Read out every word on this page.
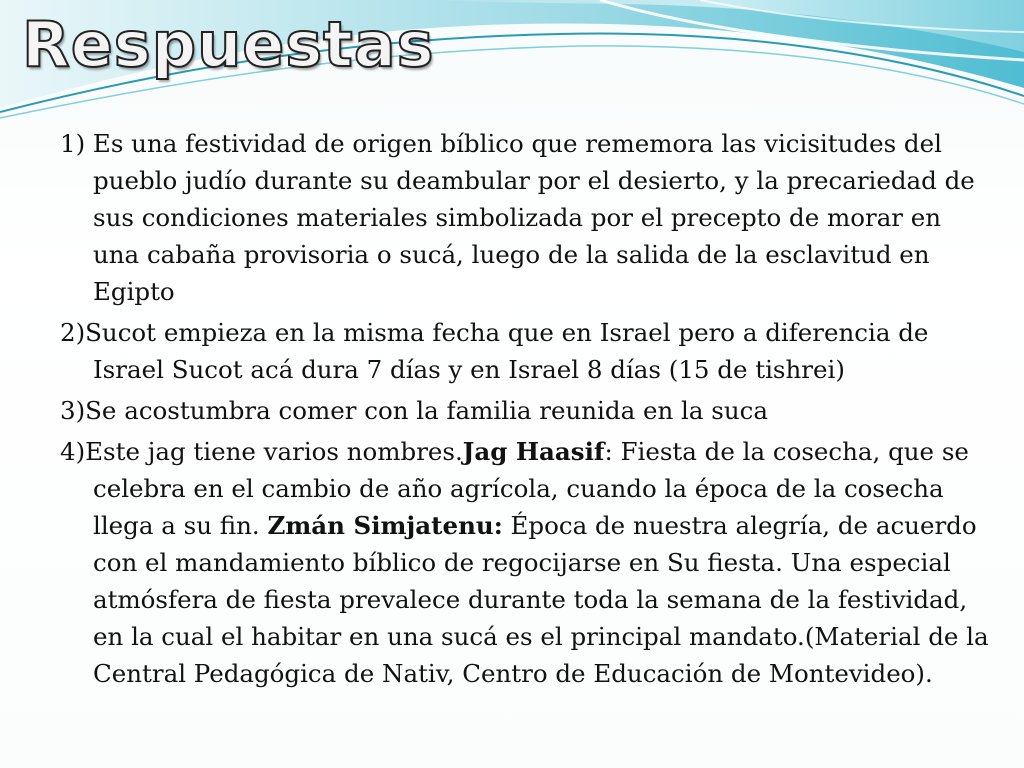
Respuestas

1) Es una festividad de origen bíblico que rememora las vicisitudes del pueblo judío durante su deambular por el desierto, y la precariedad de sus condiciones materiales simbolizada por el precepto de morar en una cabaña provisoria o sucá, luego de la salida de la esclavitud en Egipto

2)Sucot empieza en la misma fecha que en Israel pero a diferencia de Israel Sucot acá dura 7 días y en Israel 8 días (15 de tishrei)

3)Se acostumbra comer con la familia reunida en la suca

4)Este jag tiene varios nombres.Jag Haasif: Fiesta de la cosecha, que se celebra en el cambio de año agrícola, cuando la época de la cosecha llega a su fin. Zmán Simjatenu: Época de nuestra alegría, de acuerdo con el mandamiento bíblico de regocijarse en Su fiesta. Una especial atmósfera de fiesta prevalece durante toda la semana de la festividad, en la cual el habitar en una sucá es el principal mandato.(Material de la Central Pedagógica de Nativ, Centro de Educación de Montevideo).
